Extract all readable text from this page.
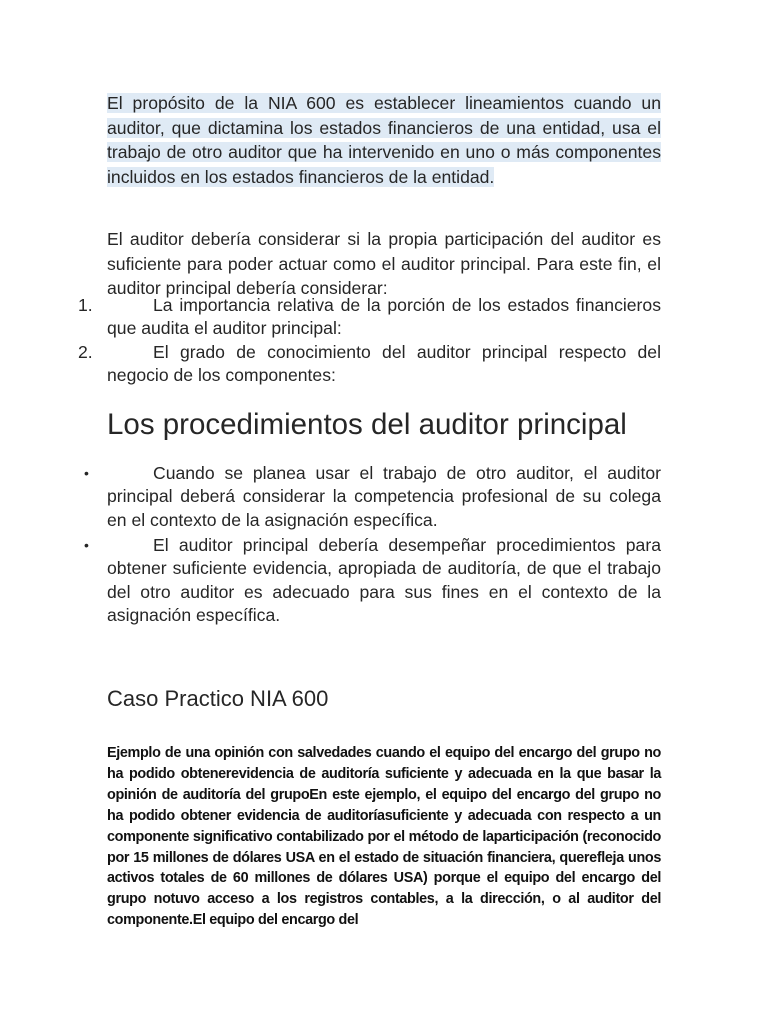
El propósito de la NIA 600 es establecer lineamientos cuando un auditor, que dictamina los estados financieros de una entidad, usa el trabajo de otro auditor que ha intervenido en uno o más componentes incluidos en los estados financieros de la entidad.

El auditor debería considerar si la propia participación del auditor es suficiente para poder actuar como el auditor principal. Para este fin, el auditor principal debería considerar:

1.	La importancia relativa de la porción de los estados financieros que audita el auditor principal:
2.	El grado de conocimiento del auditor principal respecto del negocio de los componentes:
Los procedimientos del auditor principal
•	Cuando se planea usar el trabajo de otro auditor, el auditor principal deberá considerar la competencia profesional de su colega en el contexto de la asignación específica.
•	El auditor principal debería desempeñar procedimientos para obtener suficiente evidencia, apropiada de auditoría, de que el trabajo del otro auditor es adecuado para sus fines en el contexto de la asignación específica.
Caso Practico NIA 600

Ejemplo de una opinión con salvedades cuando el equipo del encargo del grupo no ha podido obtenerevidencia de auditoría suficiente y adecuada en la que basar la opinión de auditoría del grupoEn este ejemplo, el equipo del encargo del grupo no ha podido obtener evidencia de auditoríasuficiente y adecuada con respecto a un componente significativo contabilizado por el método de laparticipación (reconocido por 15 millones de dólares USA en el estado de situación financiera, querefleja unos activos totales de 60 millones de dólares USA) porque el equipo del encargo del grupo notuvo acceso a los registros contables, a la dirección, o al auditor del componente.El equipo del encargo del
